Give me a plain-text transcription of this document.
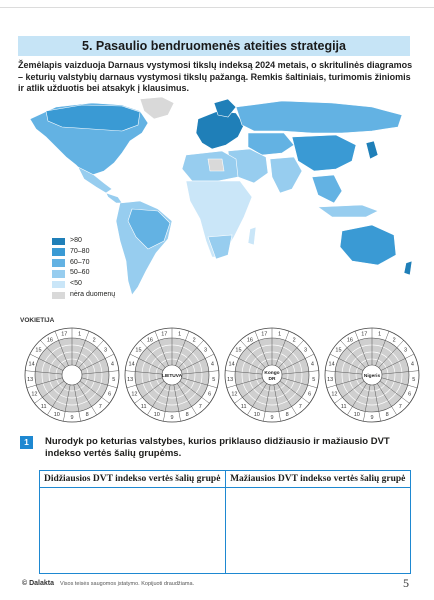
5. Pasaulio bendruomenės ateities strategija
Žemėlapis vaizduoja Darnaus vystymosi tikslų indeksą 2024 metais, o skritulinės diagramos – keturių valstybių darnaus vystymosi tikslų pažangą. Remkis šaltiniais, turimomis žiniomis ir atlik užduotis bei atsakyk į klausimus.
>80
70–80
60–70
50–60
<50
nėra duomenų
VOKIETIJA
1
2
3
4
5
6
7
8
9
10
11
12
13
14
15
16
17	1
2
3
4
5
6
7
8
9
10
11
12
13
14
15
16
17
LIETUVA
1
2
3
4
5
6
7
8
9
10
11
12
13
14
15
16
17
Kongo
DR
1
2
3
4
5
6
7
8
9
10
11
12
13
14
15
16
17
Nigeris
1	Nurodyk po keturias valstybes, kurios priklauso didžiausio ir mažiausio DVT indekso vertės šalių grupėms.
Didžiausios DVT indekso vertės šalių grupė	Mažiausios DVT indekso vertės šalių grupė
© Dalakta Visos teisės saugomos įstatymo. Kopijuoti draudžiama.	5
